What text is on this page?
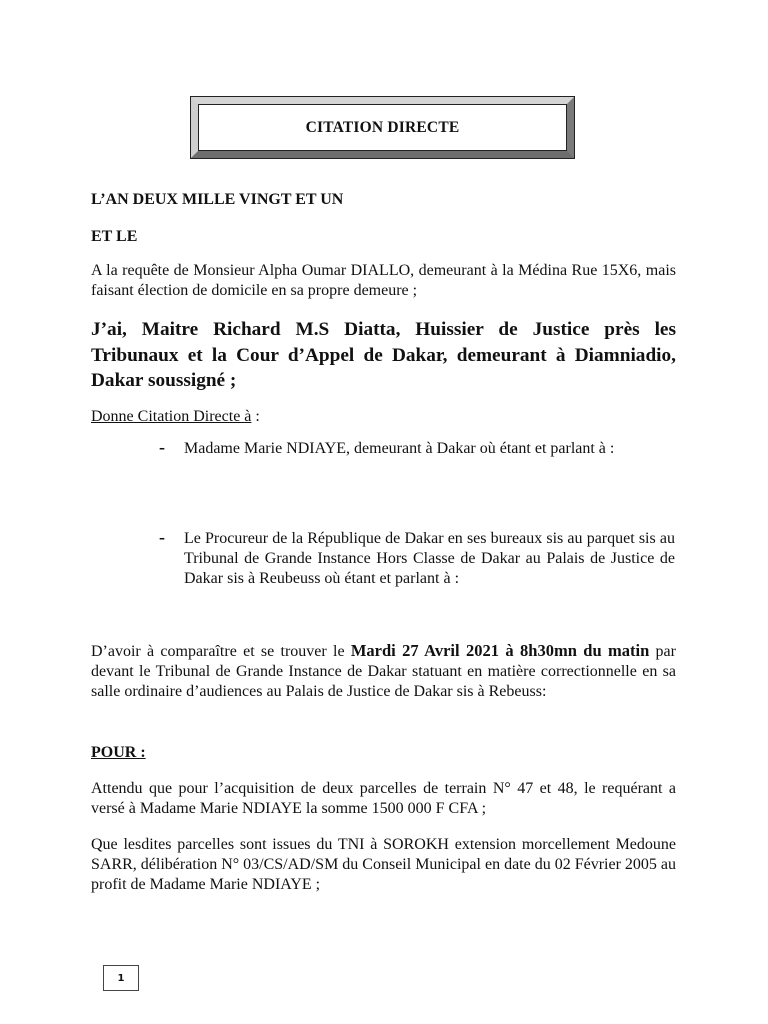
CITATION DIRECTE
L’AN DEUX MILLE VINGT ET UN
ET LE
A la requête de Monsieur Alpha Oumar DIALLO, demeurant à la Médina Rue 15X6, mais faisant élection de domicile en sa propre demeure ;
J’ai, Maitre Richard M.S Diatta, Huissier de Justice près les Tribunaux et la Cour d’Appel de Dakar, demeurant à Diamniadio, Dakar soussigné ;
Donne Citation Directe à :
- Madame Marie NDIAYE, demeurant à Dakar où étant et parlant à :
- Le Procureur de la République de Dakar en ses bureaux sis au parquet sis au Tribunal de Grande Instance Hors Classe de Dakar au Palais de Justice de Dakar sis à Reubeuss où étant et parlant à :
D’avoir à comparaître et se trouver le Mardi 27 Avril 2021 à 8h30mn du matin par devant le Tribunal de Grande Instance de Dakar statuant en matière correctionnelle en sa salle ordinaire d’audiences au Palais de Justice de Dakar sis à Rebeuss:
POUR :
Attendu que pour l’acquisition de deux parcelles de terrain N° 47 et 48, le requérant a versé à Madame Marie NDIAYE la somme 1500 000 F CFA ;
Que lesdites parcelles sont issues du TNI à SOROKH extension morcellement Medoune SARR, délibération N° 03/CS/AD/SM du Conseil Municipal en date du 02 Février 2005 au profit de Madame Marie NDIAYE ;
1
